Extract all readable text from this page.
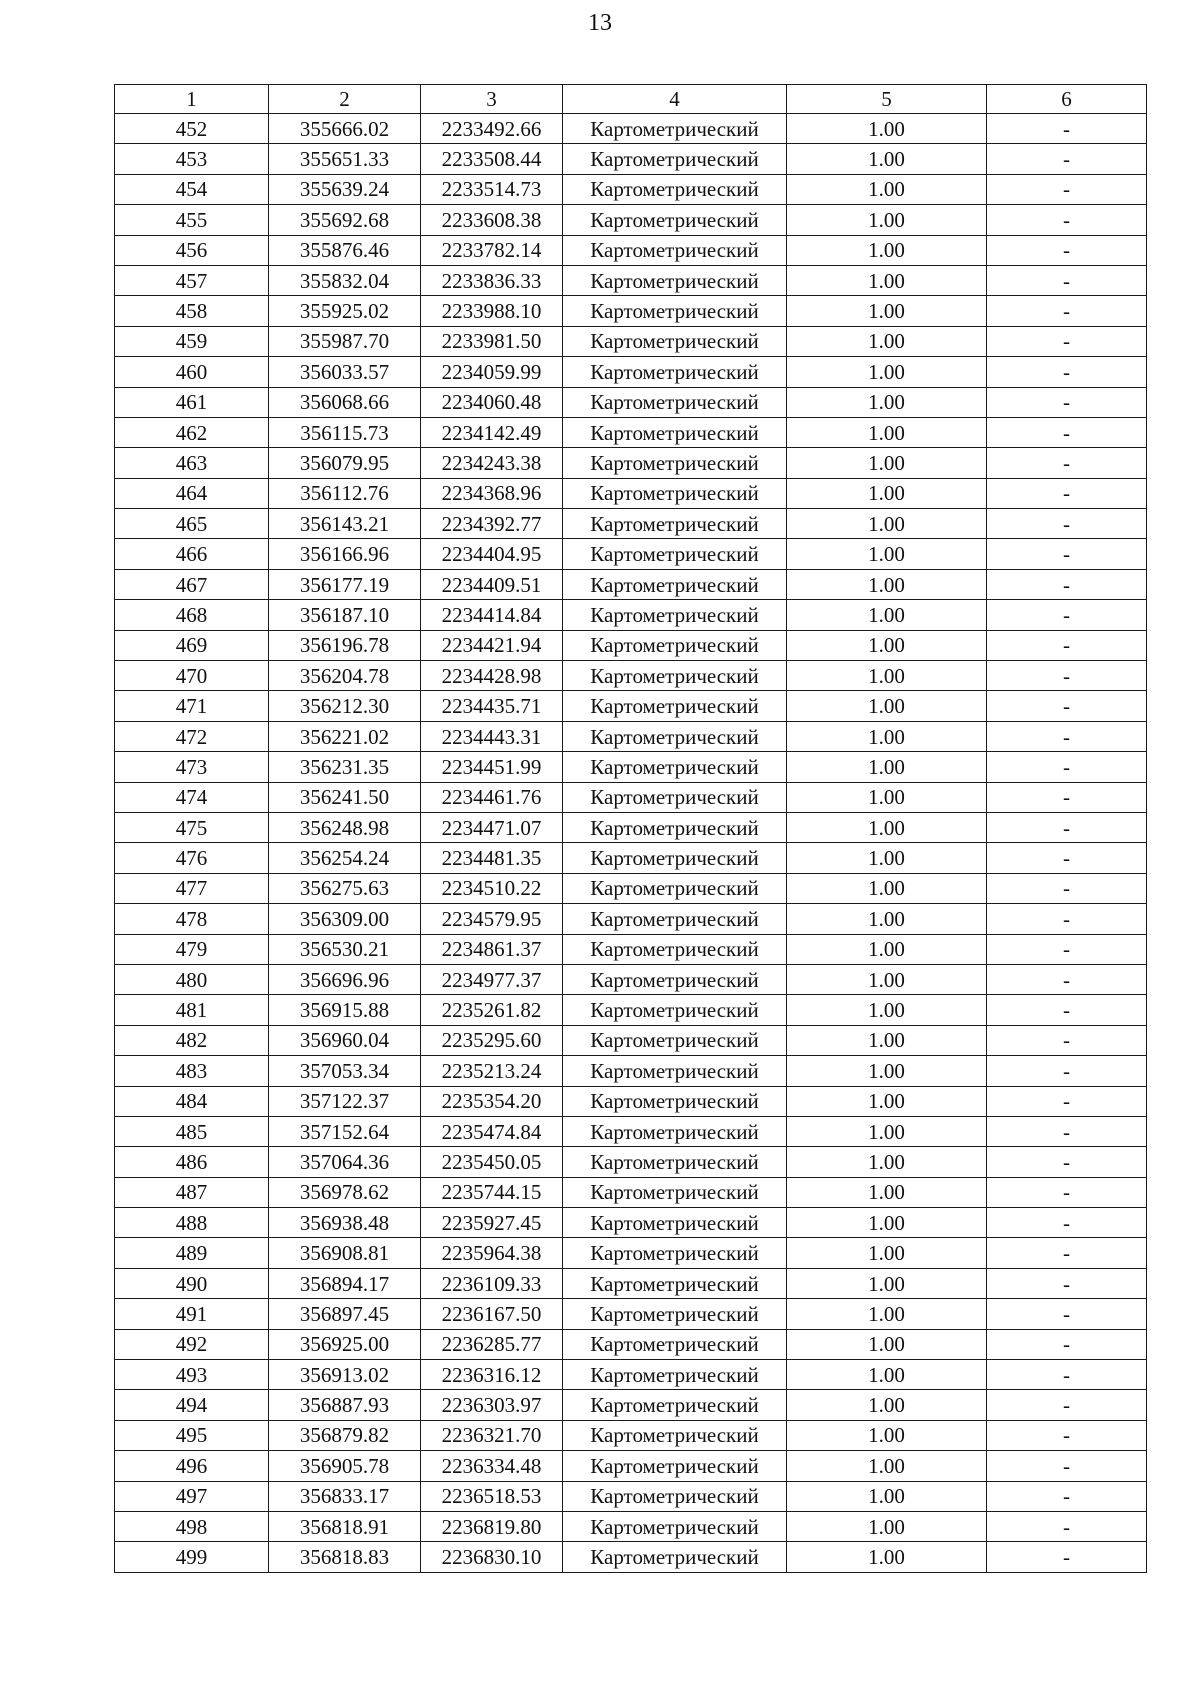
13
1	2	3	4	5	6
452	355666.02	2233492.66	Картометрический	1.00	-
453	355651.33	2233508.44	Картометрический	1.00	-
454	355639.24	2233514.73	Картометрический	1.00	-
455	355692.68	2233608.38	Картометрический	1.00	-
456	355876.46	2233782.14	Картометрический	1.00	-
457	355832.04	2233836.33	Картометрический	1.00	-
458	355925.02	2233988.10	Картометрический	1.00	-
459	355987.70	2233981.50	Картометрический	1.00	-
460	356033.57	2234059.99	Картометрический	1.00	-
461	356068.66	2234060.48	Картометрический	1.00	-
462	356115.73	2234142.49	Картометрический	1.00	-
463	356079.95	2234243.38	Картометрический	1.00	-
464	356112.76	2234368.96	Картометрический	1.00	-
465	356143.21	2234392.77	Картометрический	1.00	-
466	356166.96	2234404.95	Картометрический	1.00	-
467	356177.19	2234409.51	Картометрический	1.00	-
468	356187.10	2234414.84	Картометрический	1.00	-
469	356196.78	2234421.94	Картометрический	1.00	-
470	356204.78	2234428.98	Картометрический	1.00	-
471	356212.30	2234435.71	Картометрический	1.00	-
472	356221.02	2234443.31	Картометрический	1.00	-
473	356231.35	2234451.99	Картометрический	1.00	-
474	356241.50	2234461.76	Картометрический	1.00	-
475	356248.98	2234471.07	Картометрический	1.00	-
476	356254.24	2234481.35	Картометрический	1.00	-
477	356275.63	2234510.22	Картометрический	1.00	-
478	356309.00	2234579.95	Картометрический	1.00	-
479	356530.21	2234861.37	Картометрический	1.00	-
480	356696.96	2234977.37	Картометрический	1.00	-
481	356915.88	2235261.82	Картометрический	1.00	-
482	356960.04	2235295.60	Картометрический	1.00	-
483	357053.34	2235213.24	Картометрический	1.00	-
484	357122.37	2235354.20	Картометрический	1.00	-
485	357152.64	2235474.84	Картометрический	1.00	-
486	357064.36	2235450.05	Картометрический	1.00	-
487	356978.62	2235744.15	Картометрический	1.00	-
488	356938.48	2235927.45	Картометрический	1.00	-
489	356908.81	2235964.38	Картометрический	1.00	-
490	356894.17	2236109.33	Картометрический	1.00	-
491	356897.45	2236167.50	Картометрический	1.00	-
492	356925.00	2236285.77	Картометрический	1.00	-
493	356913.02	2236316.12	Картометрический	1.00	-
494	356887.93	2236303.97	Картометрический	1.00	-
495	356879.82	2236321.70	Картометрический	1.00	-
496	356905.78	2236334.48	Картометрический	1.00	-
497	356833.17	2236518.53	Картометрический	1.00	-
498	356818.91	2236819.80	Картометрический	1.00	-
499	356818.83	2236830.10	Картометрический	1.00	-
